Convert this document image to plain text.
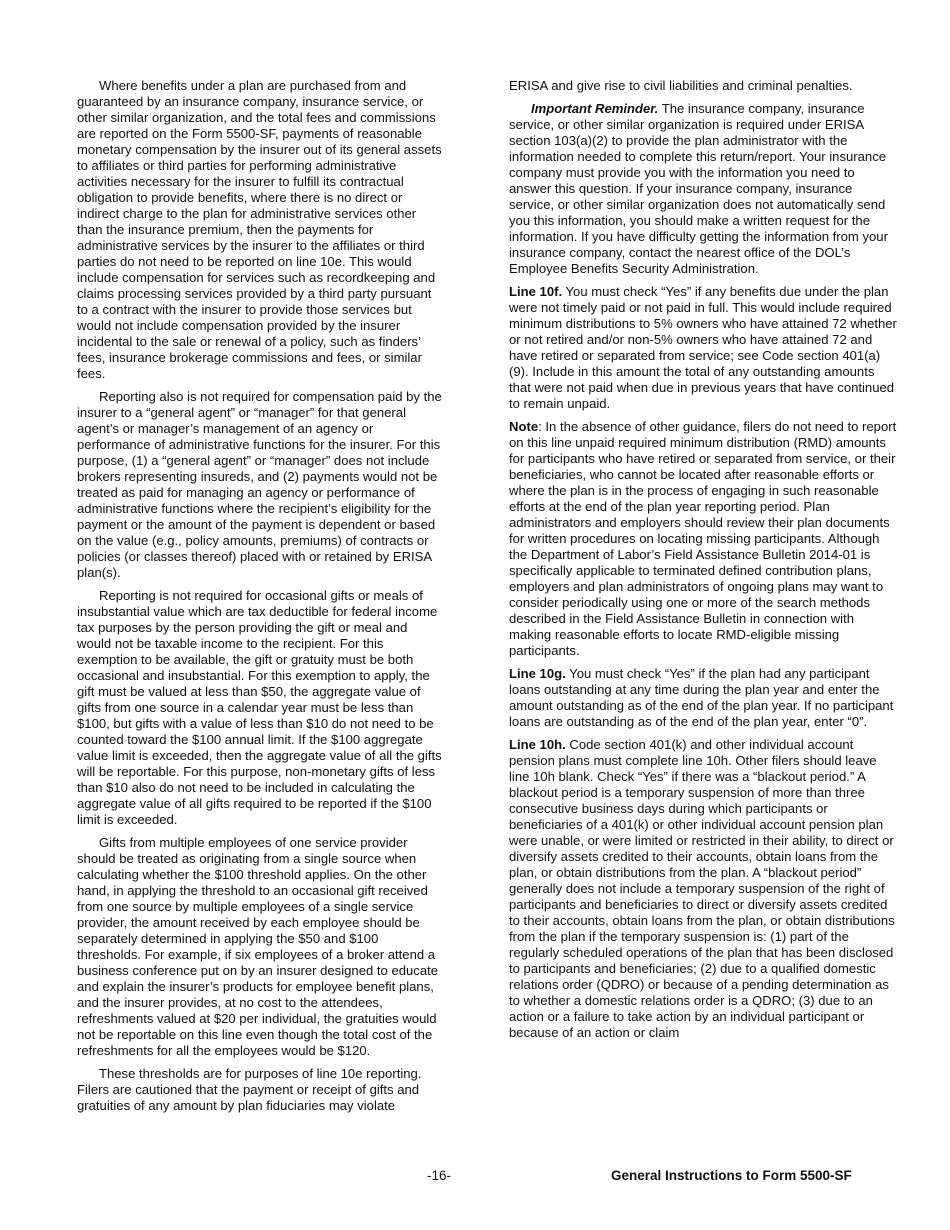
Where benefits under a plan are purchased from and guaranteed by an insurance company, insurance service, or other similar organization, and the total fees and commissions are reported on the Form 5500-SF, payments of reasonable monetary compensation by the insurer out of its general assets to affiliates or third parties for performing administrative activities necessary for the insurer to fulfill its contractual obligation to provide benefits, where there is no direct or indirect charge to the plan for administrative services other than the insurance premium, then the payments for administrative services by the insurer to the affiliates or third parties do not need to be reported on line 10e. This would include compensation for services such as recordkeeping and claims processing services provided by a third party pursuant to a contract with the insurer to provide those services but would not include compensation provided by the insurer incidental to the sale or renewal of a policy, such as finders’ fees, insurance brokerage commissions and fees, or similar fees.

Reporting also is not required for compensation paid by the insurer to a “general agent” or “manager” for that general agent’s or manager’s management of an agency or performance of administrative functions for the insurer. For this purpose, (1) a “general agent” or “manager” does not include brokers representing insureds, and (2) payments would not be treated as paid for managing an agency or performance of administrative functions where the recipient’s eligibility for the payment or the amount of the payment is dependent or based on the value (e.g., policy amounts, premiums) of contracts or policies (or classes thereof) placed with or retained by ERISA plan(s).

Reporting is not required for occasional gifts or meals of insubstantial value which are tax deductible for federal income tax purposes by the person providing the gift or meal and would not be taxable income to the recipient. For this exemption to be available, the gift or gratuity must be both occasional and insubstantial. For this exemption to apply, the gift must be valued at less than $50, the aggregate value of gifts from one source in a calendar year must be less than $100, but gifts with a value of less than $10 do not need to be counted toward the $100 annual limit. If the $100 aggregate value limit is exceeded, then the aggregate value of all the gifts will be reportable. For this purpose, non-monetary gifts of less than $10 also do not need to be included in calculating the aggregate value of all gifts required to be reported if the $100 limit is exceeded.

Gifts from multiple employees of one service provider should be treated as originating from a single source when calculating whether the $100 threshold applies. On the other hand, in applying the threshold to an occasional gift received from one source by multiple employees of a single service provider, the amount received by each employee should be separately determined in applying the $50 and $100 thresholds. For example, if six employees of a broker attend a business conference put on by an insurer designed to educate and explain the insurer’s products for employee benefit plans, and the insurer provides, at no cost to the attendees, refreshments valued at $20 per individual, the gratuities would not be reportable on this line even though the total cost of the refreshments for all the employees would be $120.

These thresholds are for purposes of line 10e reporting. Filers are cautioned that the payment or receipt of gifts and gratuities of any amount by plan fiduciaries may violate

ERISA and give rise to civil liabilities and criminal penalties.

Important Reminder. The insurance company, insurance service, or other similar organization is required under ERISA section 103(a)(2) to provide the plan administrator with the information needed to complete this return/report. Your insurance company must provide you with the information you need to answer this question. If your insurance company, insurance service, or other similar organization does not automatically send you this information, you should make a written request for the information. If you have difficulty getting the information from your insurance company, contact the nearest office of the DOL’s Employee Benefits Security Administration.

Line 10f. You must check “Yes” if any benefits due under the plan were not timely paid or not paid in full. This would include required minimum distributions to 5% owners who have attained 72 whether or not retired and/or non-5% owners who have attained 72 and have retired or separated from service; see Code section 401(a)(9). Include in this amount the total of any outstanding amounts that were not paid when due in previous years that have continued to remain unpaid.

Note: In the absence of other guidance, filers do not need to report on this line unpaid required minimum distribution (RMD) amounts for participants who have retired or separated from service, or their beneficiaries, who cannot be located after reasonable efforts or where the plan is in the process of engaging in such reasonable efforts at the end of the plan year reporting period. Plan administrators and employers should review their plan documents for written procedures on locating missing participants. Although the Department of Labor’s Field Assistance Bulletin 2014-01 is specifically applicable to terminated defined contribution plans, employers and plan administrators of ongoing plans may want to consider periodically using one or more of the search methods described in the Field Assistance Bulletin in connection with making reasonable efforts to locate RMD-eligible missing participants.

Line 10g. You must check “Yes” if the plan had any participant loans outstanding at any time during the plan year and enter the amount outstanding as of the end of the plan year. If no participant loans are outstanding as of the end of the plan year, enter “0”.

Line 10h. Code section 401(k) and other individual account pension plans must complete line 10h. Other filers should leave line 10h blank. Check “Yes” if there was a “blackout period.” A blackout period is a temporary suspension of more than three consecutive business days during which participants or beneficiaries of a 401(k) or other individual account pension plan were unable, or were limited or restricted in their ability, to direct or diversify assets credited to their accounts, obtain loans from the plan, or obtain distributions from the plan. A “blackout period” generally does not include a temporary suspension of the right of participants and beneficiaries to direct or diversify assets credited to their accounts, obtain loans from the plan, or obtain distributions from the plan if the temporary suspension is: (1) part of the regularly scheduled operations of the plan that has been disclosed to participants and beneficiaries; (2) due to a qualified domestic relations order (QDRO) or because of a pending determination as to whether a domestic relations order is a QDRO; (3) due to an action or a failure to take action by an individual participant or because of an action or claim

-16-	General Instructions to Form 5500-SF
